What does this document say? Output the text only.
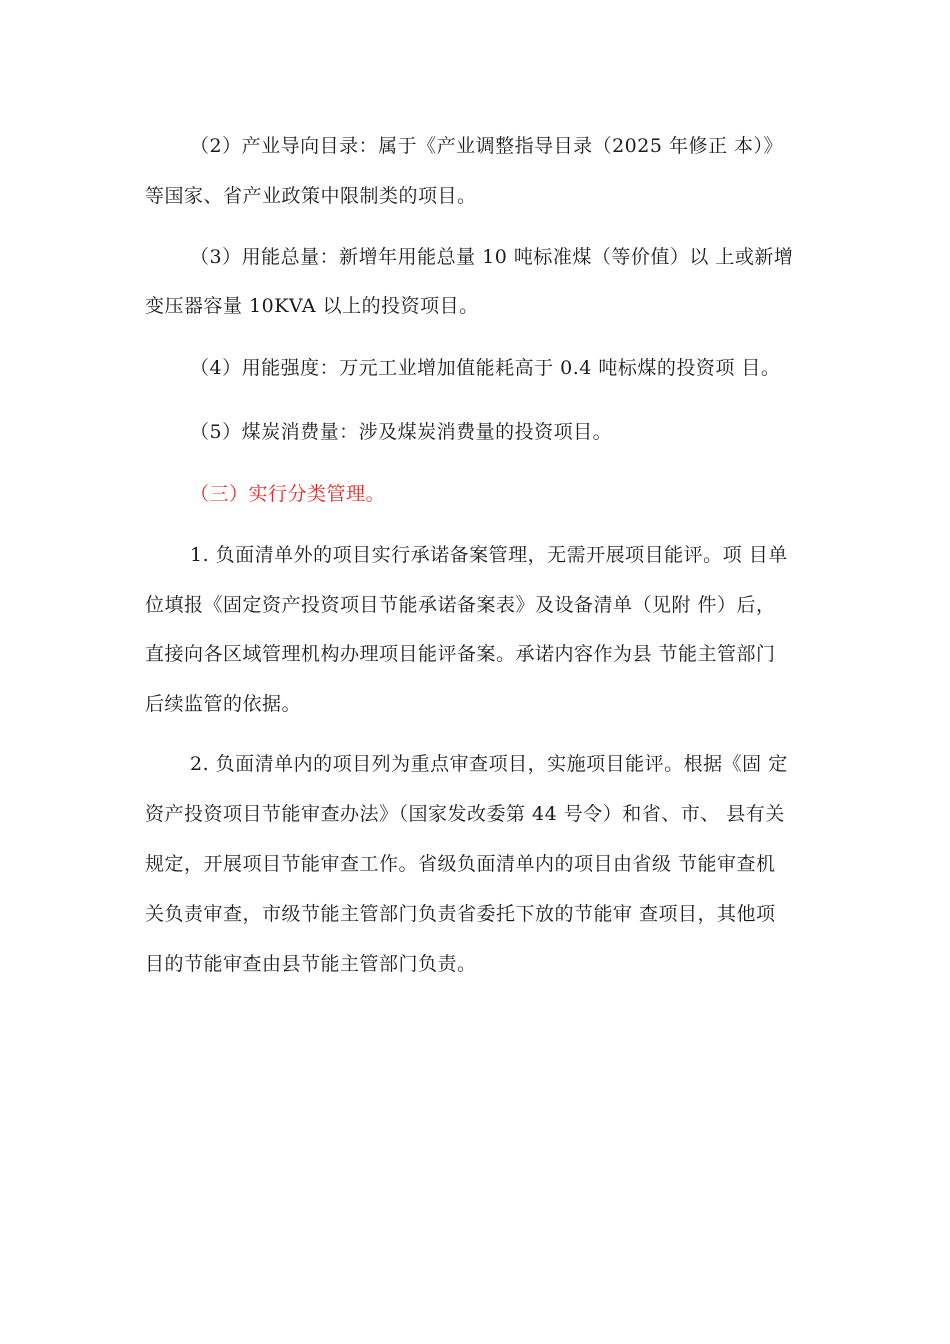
（2）产业导向目录：属于《产业调整指导目录（2025 年修正 本）》
等国家、省产业政策中限制类的项目。
（3）用能总量：新增年用能总量 10 吨标准煤（等价值）以 上或新增
变压器容量 10KVA 以上的投资项目。
（4）用能强度：万元工业增加值能耗高于 0.4 吨标煤的投资项 目。
（5）煤炭消费量：涉及煤炭消费量的投资项目。
（三）实行分类管理。
1. 负面清单外的项目实行承诺备案管理，无需开展项目能评。项 目单
位填报《固定资产投资项目节能承诺备案表》及设备清单（见附 件）后，
直接向各区域管理机构办理项目能评备案。承诺内容作为县 节能主管部门
后续监管的依据。
2. 负面清单内的项目列为重点审查项目，实施项目能评。根据《固 定
资产投资项目节能审查办法》（国家发改委第 44 号令）和省、市、 县有关
规定，开展项目节能审查工作。省级负面清单内的项目由省级 节能审查机
关负责审查，市级节能主管部门负责省委托下放的节能审 查项目，其他项
目的节能审查由县节能主管部门负责。
